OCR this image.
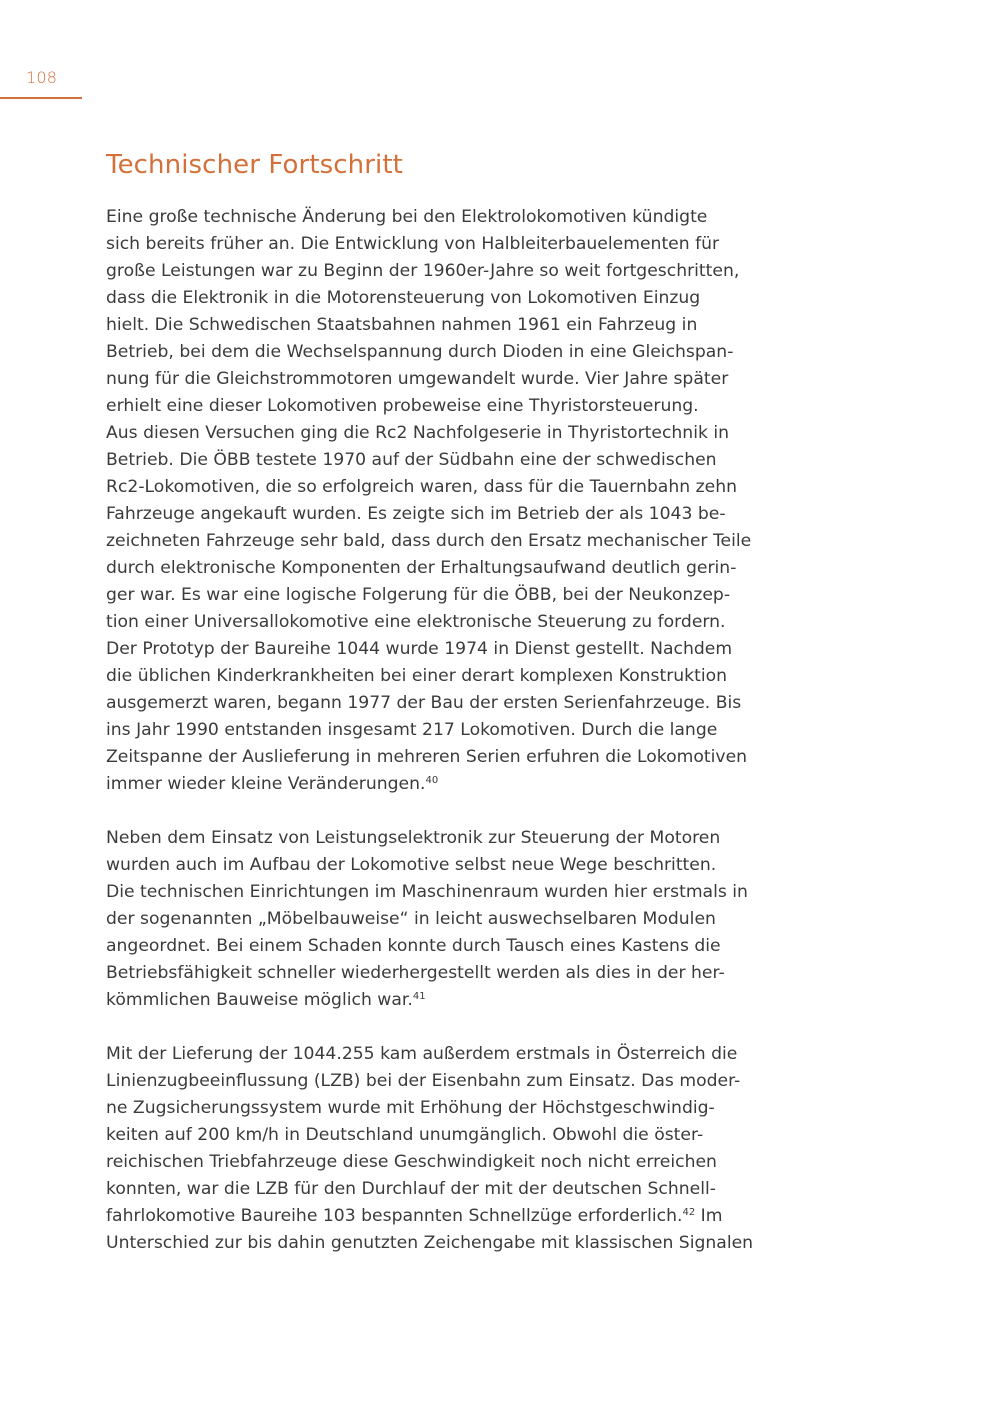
108
Technischer Fortschritt

Eine große technische Änderung bei den Elektrolokomotiven kündigte
sich bereits früher an. Die Entwicklung von Halbleiterbauelementen für
große Leistungen war zu Beginn der 1960er-Jahre so weit fortgeschritten,
dass die Elektronik in die Motorensteuerung von Lokomotiven Einzug
hielt. Die Schwedischen Staatsbahnen nahmen 1961 ein Fahrzeug in
Betrieb, bei dem die Wechselspannung durch Dioden in eine Gleichspan-
nung für die Gleichstrommotoren umgewandelt wurde. Vier Jahre später
erhielt eine dieser Lokomotiven probeweise eine Thyristorsteuerung.
Aus diesen Versuchen ging die Rc2 Nachfolgeserie in Thyristortechnik in
Betrieb. Die ÖBB testete 1970 auf der Südbahn eine der schwedischen
Rc2-Lokomotiven, die so erfolgreich waren, dass für die Tauernbahn zehn
Fahrzeuge angekauft wurden. Es zeigte sich im Betrieb der als 1043 be-
zeichneten Fahrzeuge sehr bald, dass durch den Ersatz mechanischer Teile
durch elektronische Komponenten der Erhaltungsaufwand deutlich gerin-
ger war. Es war eine logische Folgerung für die ÖBB, bei der Neukonzep-
tion einer Universallokomotive eine elektronische Steuerung zu fordern.
Der Prototyp der Baureihe 1044 wurde 1974 in Dienst gestellt. Nachdem
die üblichen Kinderkrankheiten bei einer derart komplexen Konstruktion
ausgemerzt waren, begann 1977 der Bau der ersten Serienfahrzeuge. Bis
ins Jahr 1990 entstanden insgesamt 217 Lokomotiven. Durch die lange
Zeitspanne der Auslieferung in mehreren Serien erfuhren die Lokomotiven
immer wieder kleine Veränderungen.$^{40}$

Neben dem Einsatz von Leistungselektronik zur Steuerung der Motoren
wurden auch im Aufbau der Lokomotive selbst neue Wege beschritten.
Die technischen Einrichtungen im Maschinenraum wurden hier erstmals in
der sogenannten „Möbelbauweise“ in leicht auswechselbaren Modulen
angeordnet. Bei einem Schaden konnte durch Tausch eines Kastens die
Betriebsfähigkeit schneller wiederhergestellt werden als dies in der her-
kömmlichen Bauweise möglich war.$^{41}$

Mit der Lieferung der 1044.255 kam außerdem erstmals in Österreich die
Linienzugbeeinflussung (LZB) bei der Eisenbahn zum Einsatz. Das moder-
ne Zugsicherungssystem wurde mit Erhöhung der Höchstgeschwindig-
keiten auf 200 km/h in Deutschland unumgänglich. Obwohl die öster-
reichischen Triebfahrzeuge diese Geschwindigkeit noch nicht erreichen
konnten, war die LZB für den Durchlauf der mit der deutschen Schnell-
fahrlokomotive Baureihe 103 bespannten Schnellzüge erforderlich.$^{42}$ Im
Unterschied zur bis dahin genutzten Zeichengabe mit klassischen Signalen
